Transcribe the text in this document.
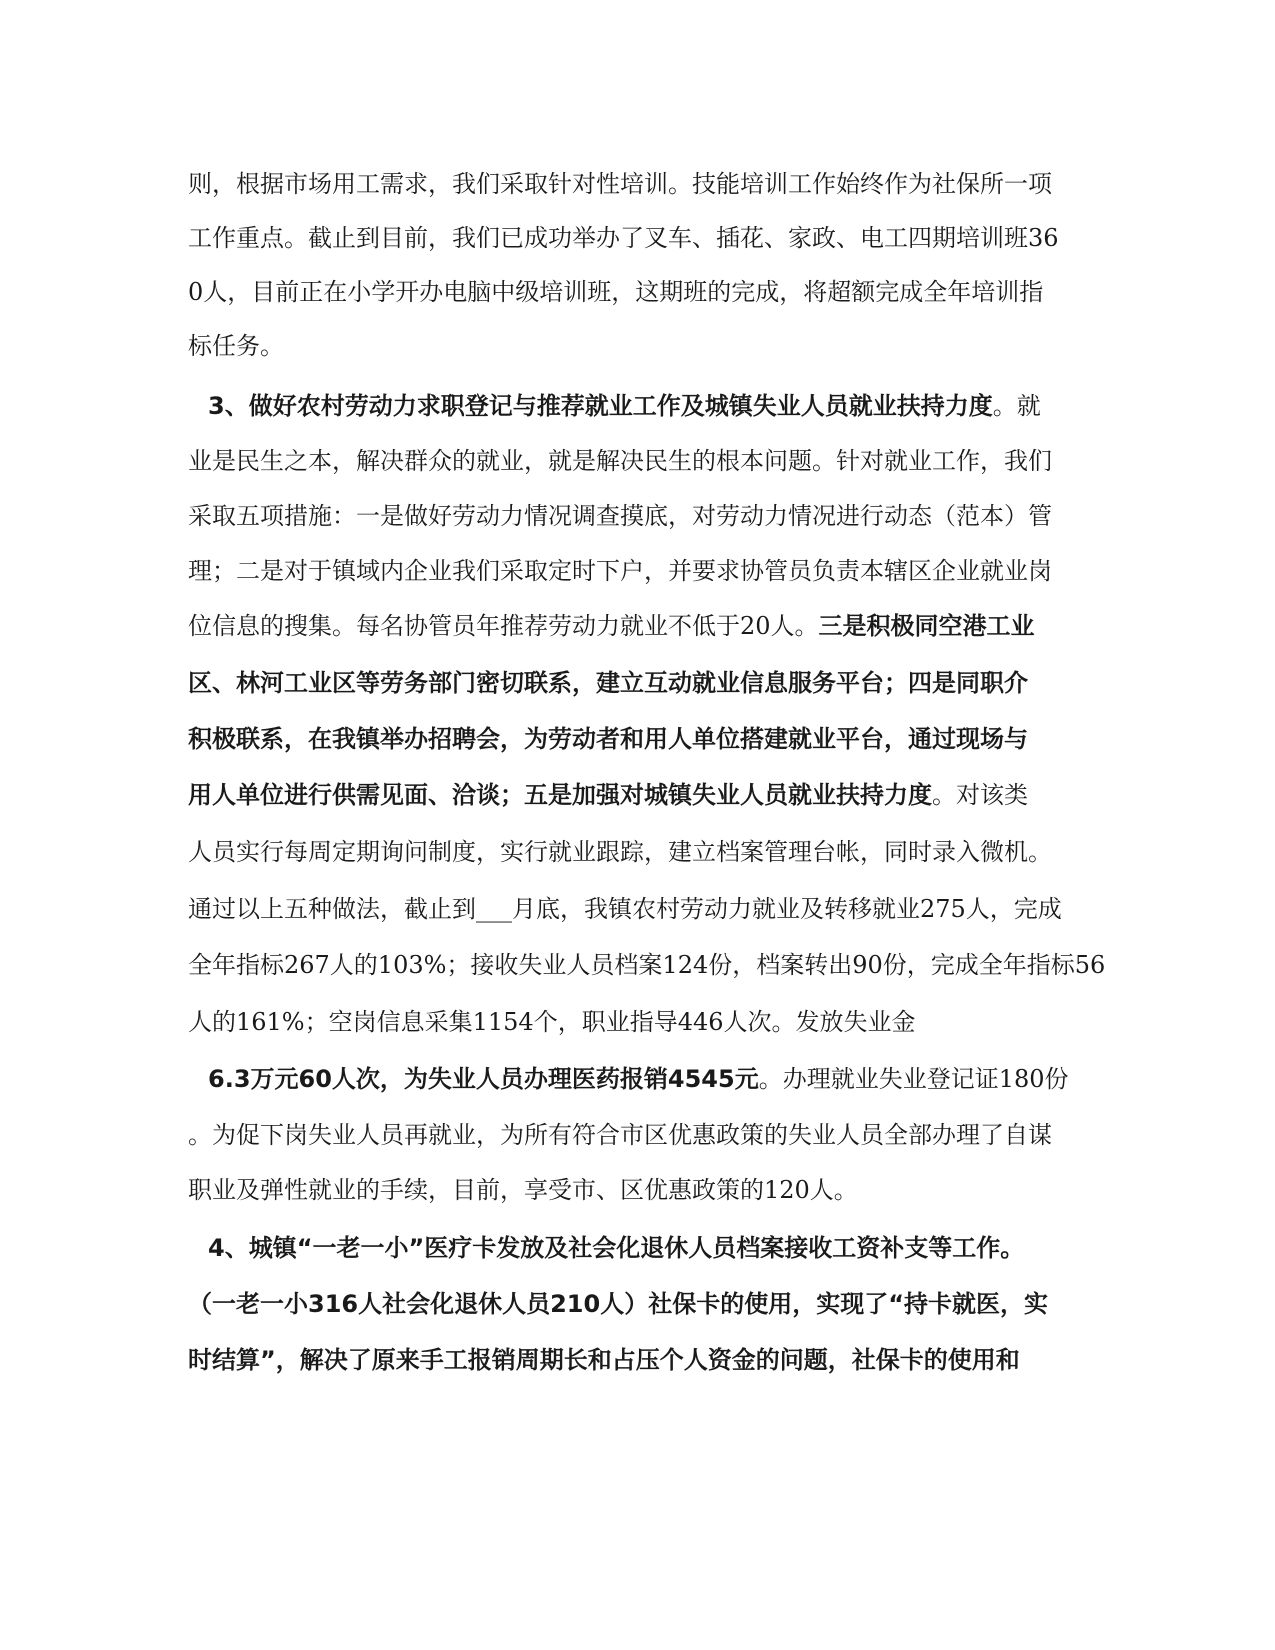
则，根据市场用工需求，我们采取针对性培训。技能培训工作始终作为社保所一项
工作重点。截止到目前，我们已成功举办了叉车、插花、家政、电工四期培训班36
0人，目前正在小学开办电脑中级培训班，这期班的完成，将超额完成全年培训指
标任务。
3、做好农村劳动力求职登记与推荐就业工作及城镇失业人员就业扶持力度。就
业是民生之本，解决群众的就业，就是解决民生的根本问题。针对就业工作，我们
采取五项措施：一是做好劳动力情况调查摸底，对劳动力情况进行动态（范本）管
理；二是对于镇域内企业我们采取定时下户，并要求协管员负责本辖区企业就业岗
位信息的搜集。每名协管员年推荐劳动力就业不低于20人。三是积极同空港工业
区、林河工业区等劳务部门密切联系，建立互动就业信息服务平台；四是同职介
积极联系，在我镇举办招聘会，为劳动者和用人单位搭建就业平台，通过现场与
用人单位进行供需见面、洽谈；五是加强对城镇失业人员就业扶持力度。对该类
人员实行每周定期询问制度，实行就业跟踪，建立档案管理台帐，同时录入微机。
通过以上五种做法，截止到___月底，我镇农村劳动力就业及转移就业275人，完成
全年指标267人的103%；接收失业人员档案124份，档案转出90份，完成全年指标56
人的161%；空岗信息采集1154个，职业指导446人次。发放失业金
6.3万元60人次，为失业人员办理医药报销4545元。办理就业失业登记证180份
。为促下岗失业人员再就业，为所有符合市区优惠政策的失业人员全部办理了自谋
职业及弹性就业的手续，目前，享受市、区优惠政策的120人。
4、城镇“一老一小”医疗卡发放及社会化退休人员档案接收工资补支等工作。
（一老一小316人社会化退休人员210人）社保卡的使用，实现了“持卡就医，实
时结算”，解决了原来手工报销周期长和占压个人资金的问题，社保卡的使用和
